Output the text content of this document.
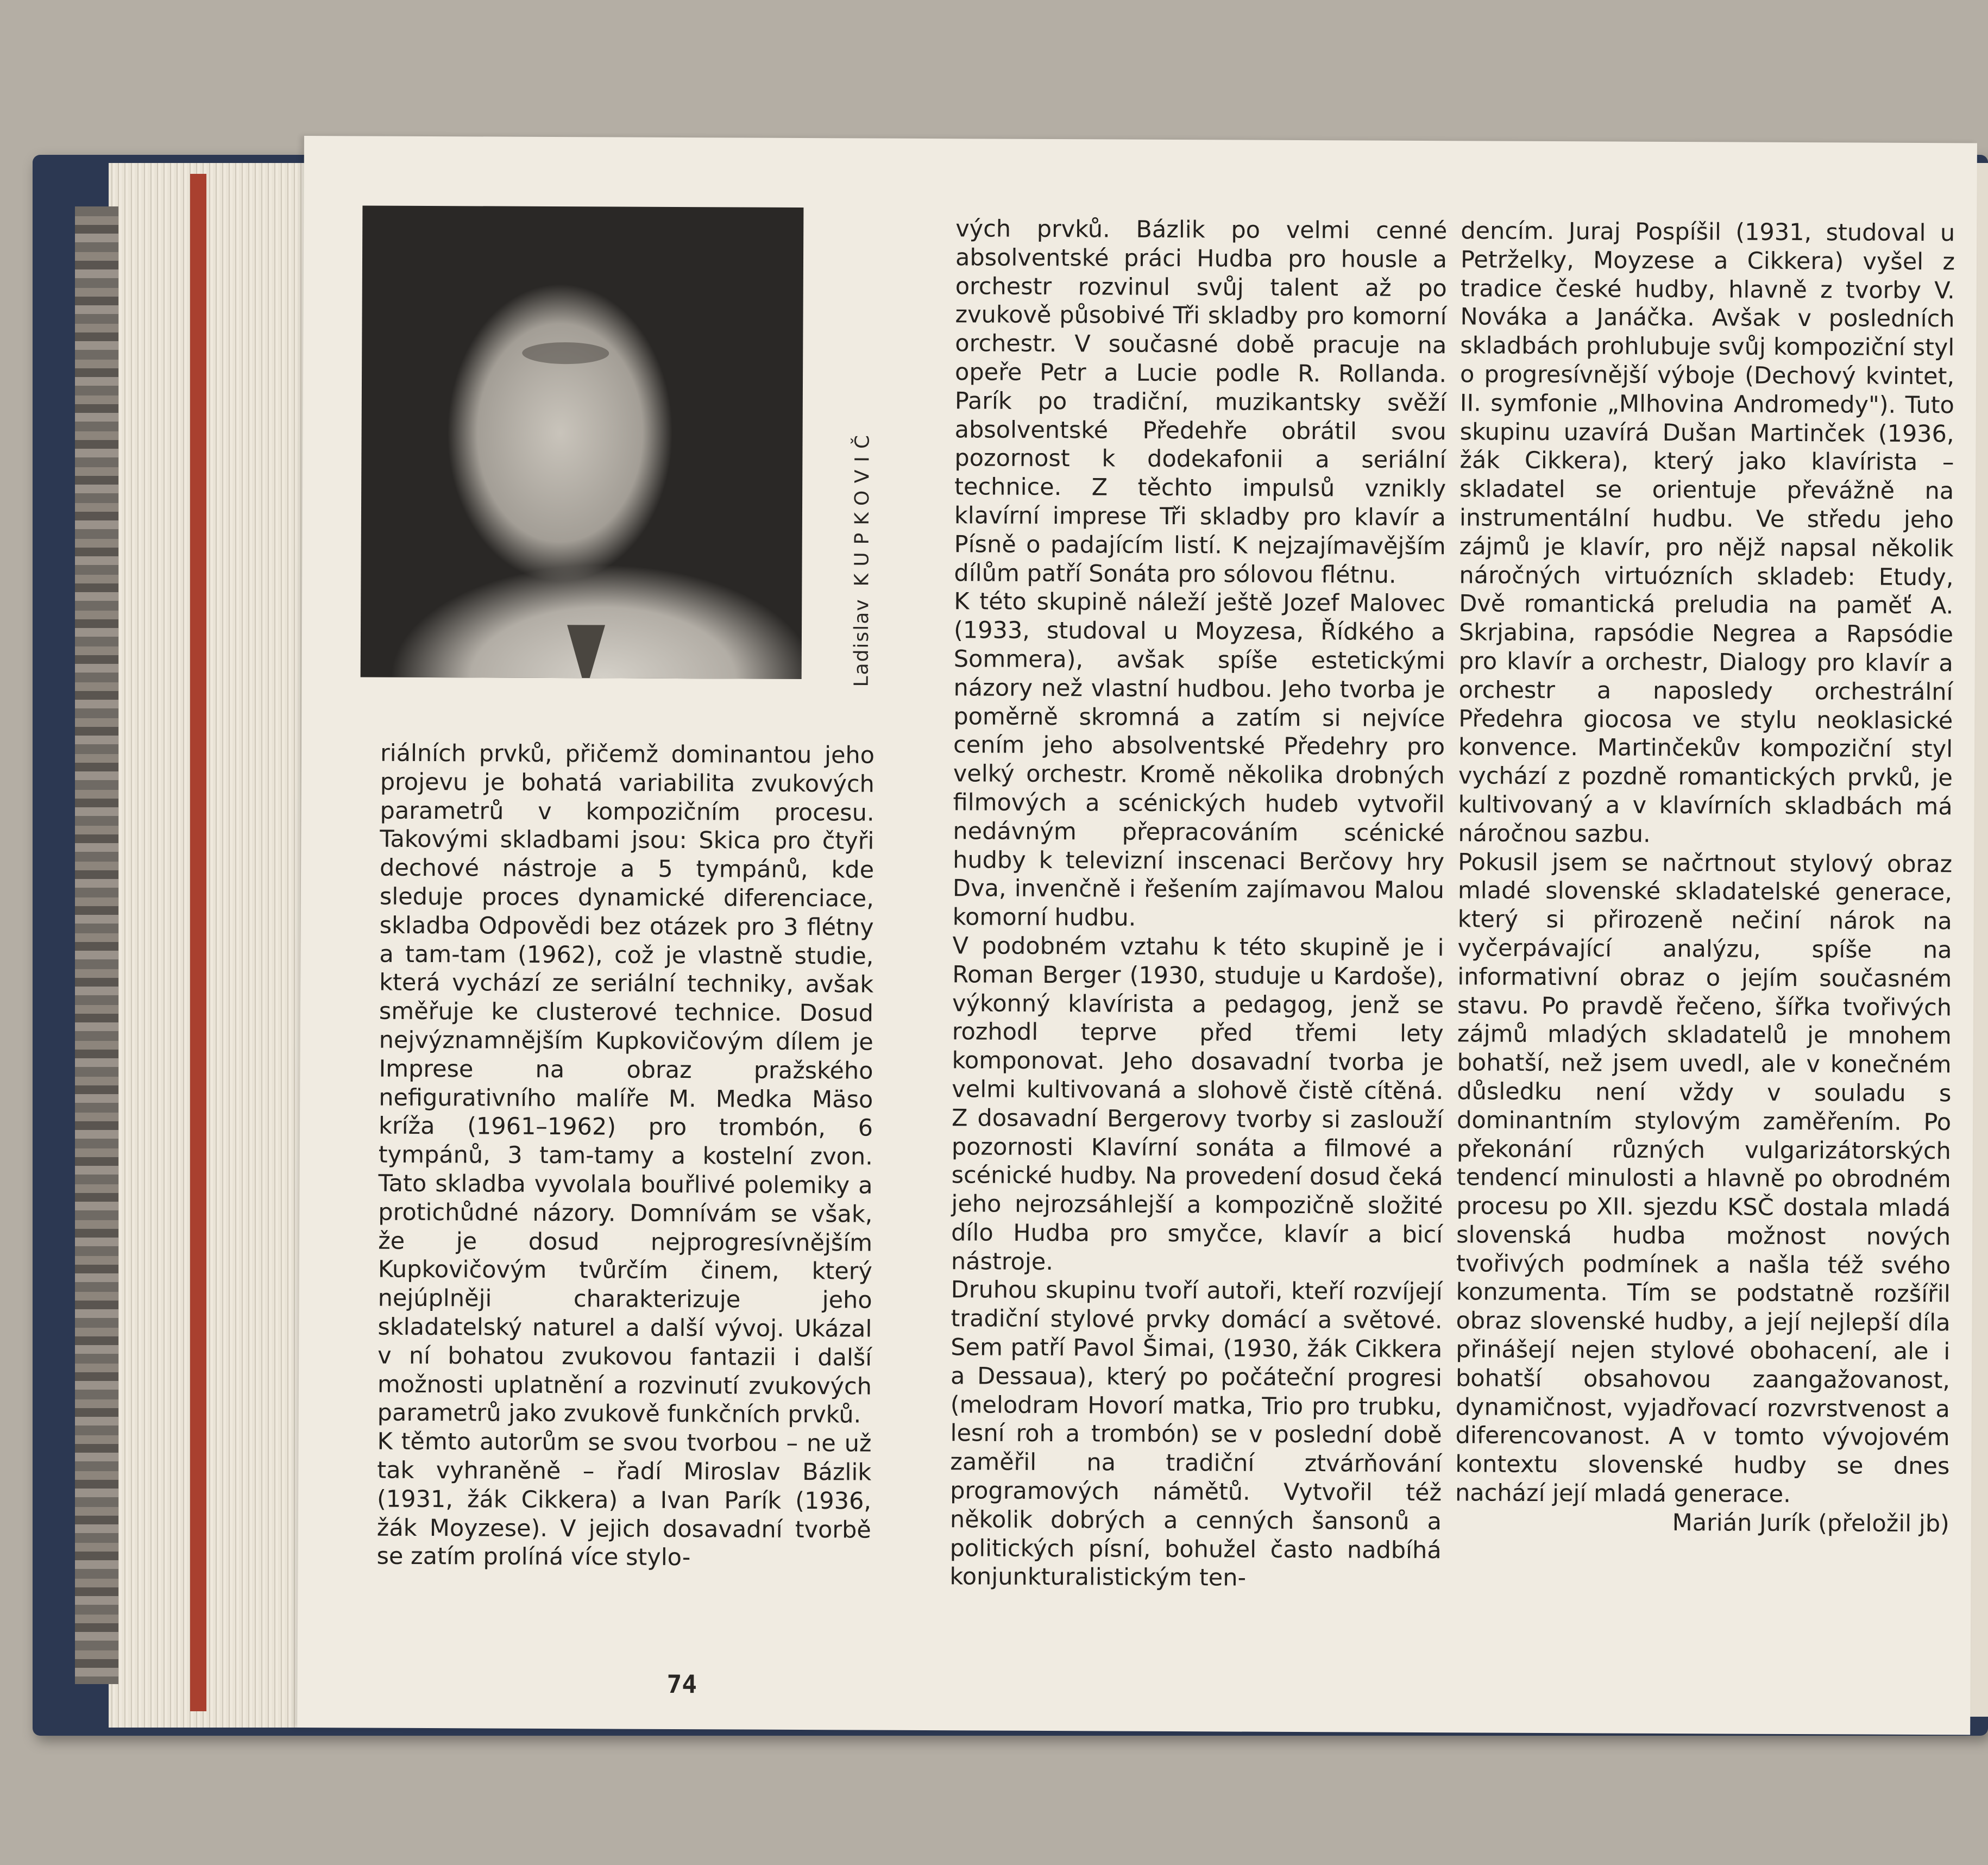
LadislavKUPKOVIČ

riálních prvků, přičemž dominantou jeho projevu je bohatá variabilita zvukových parametrů v kompozičním procesu. Takovými skladbami jsou: Skica pro čtyři dechové nástroje a 5 tympánů, kde sleduje proces dynamické diferenciace, skladba Odpovědi bez otázek pro 3 flétny a tam-tam (1962), což je vlastně studie, která vychází ze seriální techniky, avšak směřuje ke clusterové technice. Dosud nejvýznamnějším Kupkovičovým dílem je Imprese na obraz pražského nefigurativního malíře M. Medka Mäso kríža (1961–1962) pro trombón, 6 tympánů, 3 tam-tamy a kostelní zvon. Tato skladba vyvolala bouřlivé polemiky a protichůdné názory. Domnívám se však, že je dosud nejprogresívnějším Kupkovičovým tvůrčím činem, který nejúplněji charakterizuje jeho skladatelský naturel a další vývoj. Ukázal v ní bohatou zvukovou fantazii i další možnosti uplatnění a rozvinutí zvukových parametrů jako zvukově funkčních prvků.

K těmto autorům se svou tvorbou – ne už tak vyhraněně – řadí Miroslav Bázlik (1931, žák Cikkera) a Ivan Parík (1936, žák Moyzese). V jejich dosavadní tvorbě se zatím prolíná více stylo-

vých prvků. Bázlik po velmi cenné absolventské práci Hudba pro housle a orchestr rozvinul svůj talent až po zvukově působivé Tři skladby pro komorní orchestr. V současné době pracuje na opeře Petr a Lucie podle R. Rollanda. Parík po tradiční, muzikantsky svěží absolventské Předehře obrátil svou pozornost k dodekafonii a seriální technice. Z těchto impulsů vznikly klavírní imprese Tři skladby pro klavír a Písně o padajícím listí. K nejzajímavějším dílům patří Sonáta pro sólovou flétnu.

K této skupině náleží ještě Jozef Malovec (1933, studoval u Moyzesa, Řídkého a Sommera), avšak spíše estetickými názory než vlastní hudbou. Jeho tvorba je poměrně skromná a zatím si nejvíce cením jeho absolventské Předehry pro velký orchestr. Kromě několika drobných filmových a scénických hudeb vytvořil nedávným přepracováním scénické hudby k televizní inscenaci Berčovy hry Dva, invenčně i řešením zajímavou Malou komorní hudbu.

V podobném vztahu k této skupině je i Roman Berger (1930, studuje u Kardoše), výkonný klavírista a pedagog, jenž se rozhodl teprve před třemi lety komponovat. Jeho dosavadní tvorba je velmi kultivovaná a slohově čistě cítěná. Z dosavadní Bergerovy tvorby si zaslouží pozornosti Klavírní sonáta a filmové a scénické hudby. Na provedení dosud čeká jeho nejrozsáhlejší a kompozičně složité dílo Hudba pro smyčce, klavír a bicí nástroje.

Druhou skupinu tvoří autoři, kteří rozvíjejí tradiční stylové prvky domácí a světové. Sem patří Pavol Šimai, (1930, žák Cikkera a Dessaua), který po počáteční progresi (melodram Hovorí matka, Trio pro trubku, lesní roh a trombón) se v poslední době zaměřil na tradiční ztvárňování programových námětů. Vytvořil též několik dobrých a cenných šansonů a politických písní, bohužel často nadbíhá konjunkturalistickým ten-

dencím. Juraj Pospíšil (1931, studoval u Petrželky, Moyzese a Cikkera) vyšel z tradice české hudby, hlavně z tvorby V. Nováka a Janáčka. Avšak v posledních skladbách prohlubuje svůj kompoziční styl o progresívnější výboje (Dechový kvintet, II. symfonie „Mlhovina Andromedy"). Tuto skupinu uzavírá Dušan Martinček (1936, žák Cikkera), který jako klavírista – skladatel se orientuje převážně na instrumentální hudbu. Ve středu jeho zájmů je klavír, pro nějž napsal několik náročných virtuózních skladeb: Etudy, Dvě romantická preludia na paměť A. Skrjabina, rapsódie Negrea a Rapsódie pro klavír a orchestr, Dialogy pro klavír a orchestr a naposledy orchestrální Předehra giocosa ve stylu neoklasické konvence. Martinčekův kompoziční styl vychází z pozdně romantických prvků, je kultivovaný a v klavírních skladbách má náročnou sazbu.

Pokusil jsem se načrtnout stylový obraz mladé slovenské skladatelské generace, který si přirozeně nečiní nárok na vyčerpávající analýzu, spíše na informativní obraz o jejím současném stavu. Po pravdě řečeno, šířka tvořivých zájmů mladých skladatelů je mnohem bohatší, než jsem uvedl, ale v konečném důsledku není vždy v souladu s dominantním stylovým zaměřením. Po překonání různých vulgarizátorských tendencí minulosti a hlavně po obrodném procesu po XII. sjezdu KSČ dostala mladá slovenská hudba možnost nových tvořivých podmínek a našla též svého konzumenta. Tím se podstatně rozšířil obraz slovenské hudby, a její nejlepší díla přinášejí nejen stylové obohacení, ale i bohatší obsahovou zaangažovanost, dynamičnost, vyjadřovací rozvrstvenost a diferencovanost. A v tomto vývojovém kontextu slovenské hudby se dnes nachází její mladá generace.

Marián Jurík (přeložil jb)

74
